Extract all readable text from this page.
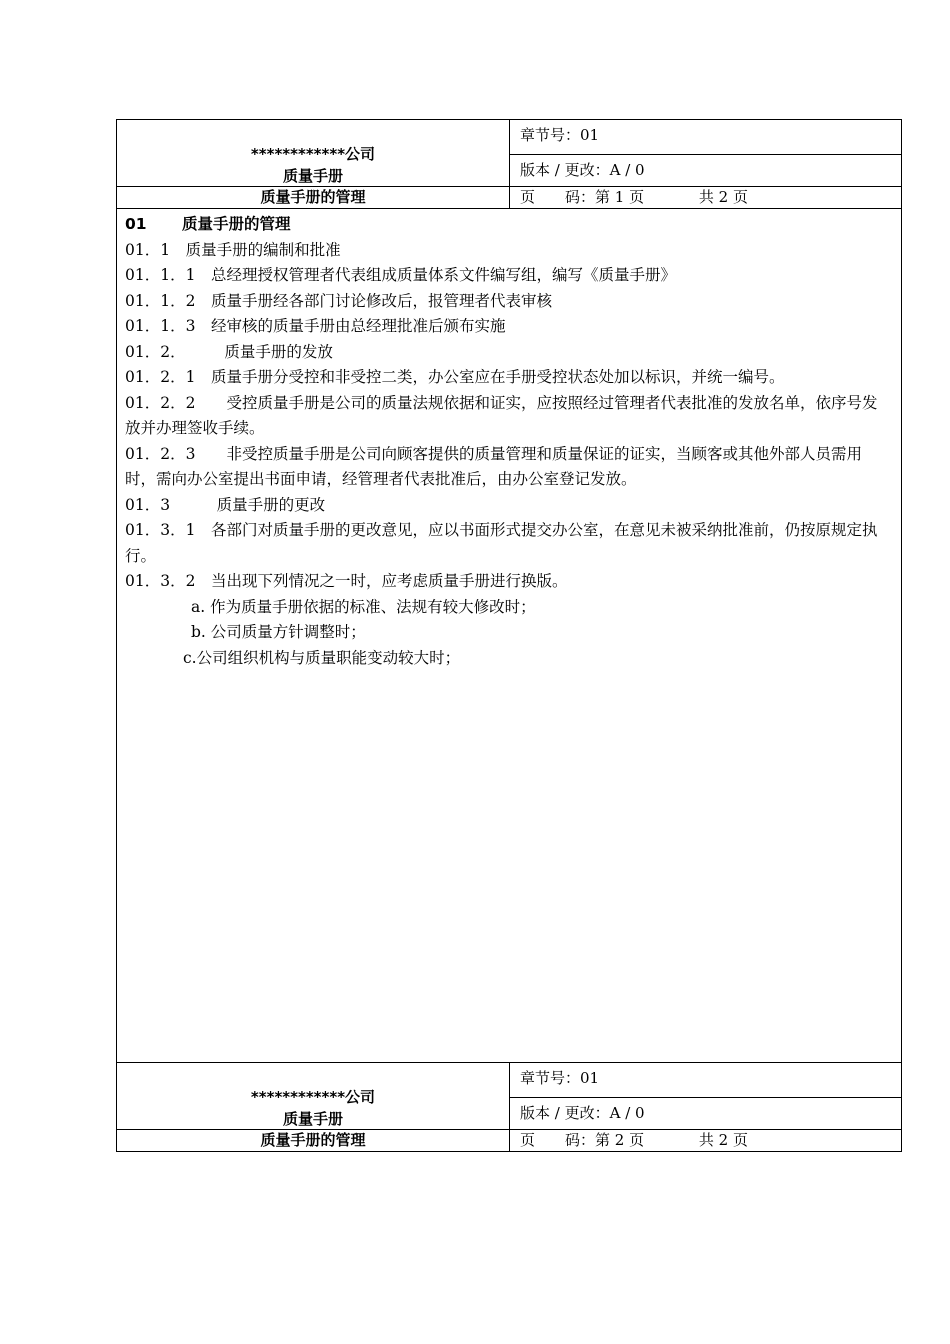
************公司
质量手册
章节号：01
版本 / 更改：A / 0
质量手册的管理	页　　码：第 1 页	共 2 页

01 质量手册的管理

01．1　质量手册的编制和批准

01．1．1　总经理授权管理者代表组成质量体系文件编写组，编写《质量手册》

01．1．2　质量手册经各部门讨论修改后，报管理者代表审核

01．1．3　经审核的质量手册由总经理批准后颁布实施

01．2．　　　质量手册的发放

01．2．1　质量手册分受控和非受控二类，办公室应在手册受控状态处加以标识，并统一编号。

01．2．2　　受控质量手册是公司的质量法规依据和证实，应按照经过管理者代表批准的发放名单，依序号发放并办理签收手续。

01．2．3　　非受控质量手册是公司向顾客提供的质量管理和质量保证的证实，当顾客或其他外部人员需用时，需向办公室提出书面申请，经管理者代表批准后，由办公室登记发放。

01．3　　　质量手册的更改

01．3．1　各部门对质量手册的更改意见，应以书面形式提交办公室，在意见未被采纳批准前，仍按原规定执行。

01．3．2　当出现下列情况之一时，应考虑质量手册进行换版。

a. 作为质量手册依据的标准、法规有较大修改时；

b. 公司质量方针调整时；

c.公司组织机构与质量职能变动较大时；

************公司
质量手册
章节号：01
版本 / 更改：A / 0
质量手册的管理	页　　码：第 2 页	共 2 页
